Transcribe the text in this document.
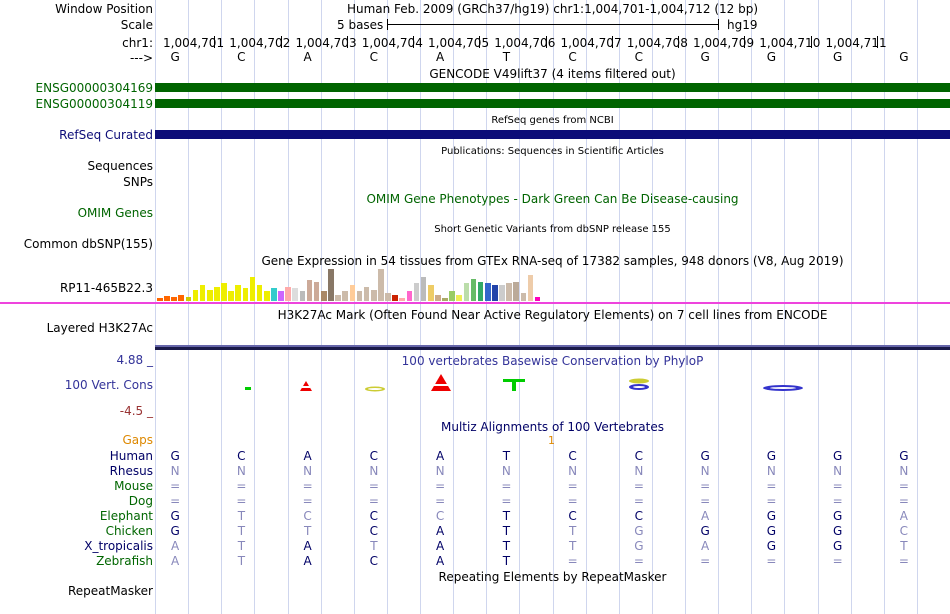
Window Position	Human Feb. 2009 (GRCh37/hg19) chr1:1,004,701-1,004,712 (12 bp)
Scale	5 bases	hg19
chr1: 1,004,701 1,004,702 1,004,703 1,004,704 1,004,705 1,004,706 1,004,707 1,004,708 1,004,709 1,004,710 1,004,711
--->	G	C	A	C	A	T	C	C	G	G	G	G
GENCODE V49lift37 (4 items filtered out)
ENSG00000304169
ENSG00000304119
RefSeq genes from NCBI
RefSeq Curated
Publications: Sequences in Scientific Articles
Sequences
SNPs
OMIM Gene Phenotypes - Dark Green Can Be Disease-causing
OMIM Genes
Short Genetic Variants from dbSNP release 155
Common dbSNP(155)
Gene Expression in 54 tissues from GTEx RNA-seq of 17382 samples, 948 donors (V8, Aug 2019)
RP11-465B22.3
H3K27Ac Mark (Often Found Near Active Regulatory Elements) on 7 cell lines from ENCODE
Layered H3K27Ac
100 vertebrates Basewise Conservation by PhyloP
4.88 _
100 Vert. Cons
-4.5 _
Multiz Alignments of 100 Vertebrates
Gaps	1
Human	G	C	A	C	A	T	C	C	G	G	G	G
Rhesus	N	N	N	N	N	N	N	N	N	N	N	N
Mouse	=	=	=	=	=	=	=	=	=	=	=	=
Dog	=	=	=	=	=	=	=	=	=	=	=	=
Elephant	G	T	C	C	C	T	C	C	A	G	G	A
Chicken	G	T	T	C	A	T	T	G	G	G	G	C
X_tropicalis	A	T	A	T	A	T	T	G	A	G	G	T
Zebrafish	A	T	A	C	A	T	=	=	=	=	=	=
Repeating Elements by RepeatMasker
RepeatMasker
